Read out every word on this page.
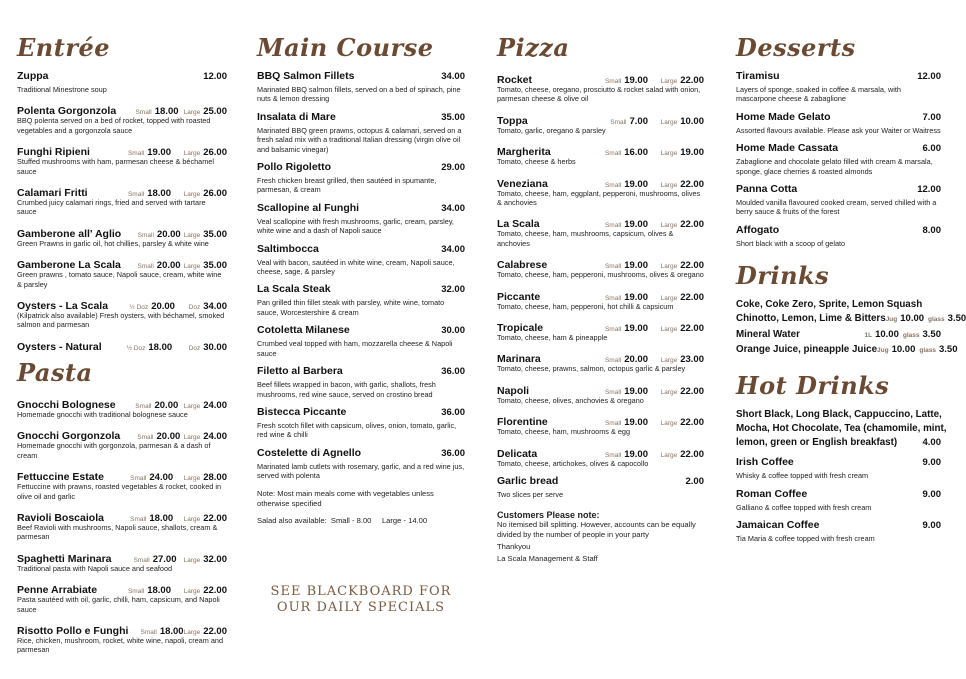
Entrée
Zuppa	12.00
Traditional Minestrone soup
Polenta Gorgonzola	Small 18.00 Large 25.00
BBQ polenta served on a bed of rocket, topped with roasted vegetables and a gorgonzola sauce
Funghi Ripieni	Small 19.00	Large 26.00
Stuffed mushrooms with ham, parmesan cheese & béchamel sauce
Calamari Fritti	Small 18.00	Large 26.00
Crumbed juicy calamari rings, fried and served with tartare sauce
Gamberone all' Aglio	Small 20.00 Large 35.00
Green Prawns in garlic oil, hot chillies, parsley & white wine
Gamberone La Scala	Small 20.00 Large 35.00
Green prawns , tomato sauce, Napoli sauce, cream, white wine & parsley
Oysters - La Scala	½ Doz 20.00	Doz 34.00
(Kilpatrick also available) Fresh oysters, with béchamel, smoked salmon and parmesan
Oysters - Natural	½ Doz 18.00	Doz 30.00
Pasta
Gnocchi Bolognese	Small 20.00 Large 24.00
Homemade gnocchi with traditional bolognese sauce
Gnocchi Gorgonzola	Small 20.00 Large 24.00
Homemade gnocchi with gorgonzola, parmesan & a dash of cream
Fettuccine Estate	Small 24.00	Large 28.00
Fettuccine with prawns, roasted vegetables & rocket, cooked in olive oil and garlic
Ravioli Boscaiola	Small 18.00	Large 22.00
Beef Ravioli with mushrooms, Napoli sauce, shallots, cream & parmesan
Spaghetti Marinara	Small 27.00	Large 32.00
Traditional pasta with Napoli sauce and seafood
Penne Arrabiate	Small 18.00	Large 22.00
Pasta sautéed with oil, garlic, chilli, ham, capsicum, and Napoli sauce
Risotto Pollo e Funghi	Small 18.00 Large 22.00
Rice, chicken, mushroom, rocket, white wine, napoli, cream and parmesan
Main Course
BBQ Salmon Fillets	34.00
Marinated BBQ salmon fillets, served on a bed of spinach, pine nuts & lemon dressing
Insalata di Mare	35.00
Marinated BBQ green prawns, octopus & calamari, served on a fresh salad mix with a traditional Italian dressing (virgin olive oil and balsamic vinegar)
Pollo Rigoletto	29.00
Fresh chicken breast grilled, then sautéed in spumante, parmesan, & cream
Scallopine al Funghi	34.00
Veal scallopine with fresh mushrooms, garlic, cream, parsley, white wine and a dash of Napoli sauce
Saltimbocca	34.00
Veal with bacon, sautéed in white wine, cream, Napoli sauce, cheese, sage, & parsley
La Scala Steak	32.00
Pan grilled thin fillet steak with parsley, white wine, tomato sauce, Worcestershire & cream
Cotoletta Milanese	30.00
Crumbed veal topped with ham, mozzarella cheese & Napoli sauce
Filetto al Barbera	36.00
Beef fillets wrapped in bacon, with garlic, shallots, fresh mushrooms, red wine sauce, served on crostino bread
Bistecca Piccante	36.00
Fresh scotch fillet with capsicum, olives, onion, tomato, garlic, red wine & chilli
Costelette di Agnello	36.00
Marinated lamb cutlets with rosemary, garlic, and a red wine jus, served with polenta
Note: Most main meals come with vegetables unless otherwise specified
Salad also available:  Small - 8.00     Large - 14.00
SEE BLACKBOARD FOR
OUR DAILY SPECIALS
Pizza
Rocket	Small 19.00	Large 22.00
Tomato, cheese, oregano, prosciutto & rocket salad with onion, parmesan cheese & olive oil
Toppa	Small 7.00	Large 10.00
Tomato, garlic, oregano & parsley
Margherita	Small 16.00	Large 19.00
Tomato, cheese & herbs
Veneziana	Small 19.00	Large 22.00
Tomato, cheese, ham, eggplant, pepperoni, mushrooms, olives & anchovies
La Scala	Small 19.00	Large 22.00
Tomato, cheese, ham, mushrooms, capsicum, olives & anchovies
Calabrese	Small 19.00	Large 22.00
Tomato, cheese, ham, pepperoni, mushrooms, olives & oregano
Piccante	Small 19.00	Large 22.00
Tomato, cheese, ham, pepperoni, hot chilli & capsicum
Tropicale	Small 19.00	Large 22.00
Tomato, cheese, ham & pineapple
Marinara	Small 20.00	Large 23.00
Tomato, cheese, prawns, salmon, octopus garlic & parsley
Napoli	Small 19.00	Large 22.00
Tomato, cheese, olives, anchovies & oregano
Florentine	Small 19.00	Large 22.00
Tomato, cheese, ham, mushrooms & egg
Delicata	Small 19.00	Large 22.00
Tomato, cheese, artichokes, olives & capocollo
Garlic bread	2.00
Two slices per serve
Customers Please note:
No itemised bill splitting. However, accounts can be equally divided by the number of people in your party
Thankyou
La Scala Management & Staff
Desserts
Tiramisu	12.00
Layers of sponge, soaked in coffee & marsala, with mascarpone cheese & zabaglione
Home Made Gelato	7.00
Assorted flavours available. Please ask your Waiter or Waitress
Home Made Cassata	6.00
Zabaglione and chocolate gelato filled with cream & marsala, sponge, glace cherries & roasted almonds
Panna Cotta	12.00
Moulded vanilla flavoured cooked cream, served chilled with a berry sauce & fruits of the forest
Affogato	8.00
Short black with a scoop of gelato
Drinks
Coke, Coke Zero, Sprite, Lemon Squash
Chinotto, Lemon, Lime & Bitters Jug 10.00 glass 3.50
Mineral Water	1L 10.00 glass 3.50
Orange Juice, pineapple Juice Jug 10.00 glass 3.50
Hot Drinks
Short Black, Long Black, Cappuccino, Latte,
Mocha, Hot Chocolate, Tea (chamomile, mint,
lemon, green or English breakfast)	4.00
Irish Coffee	9.00
Whisky & coffee topped with fresh cream
Roman Coffee	9.00
Galliano & coffee topped with fresh cream
Jamaican Coffee	9.00
Tia Maria & coffee topped with fresh cream
